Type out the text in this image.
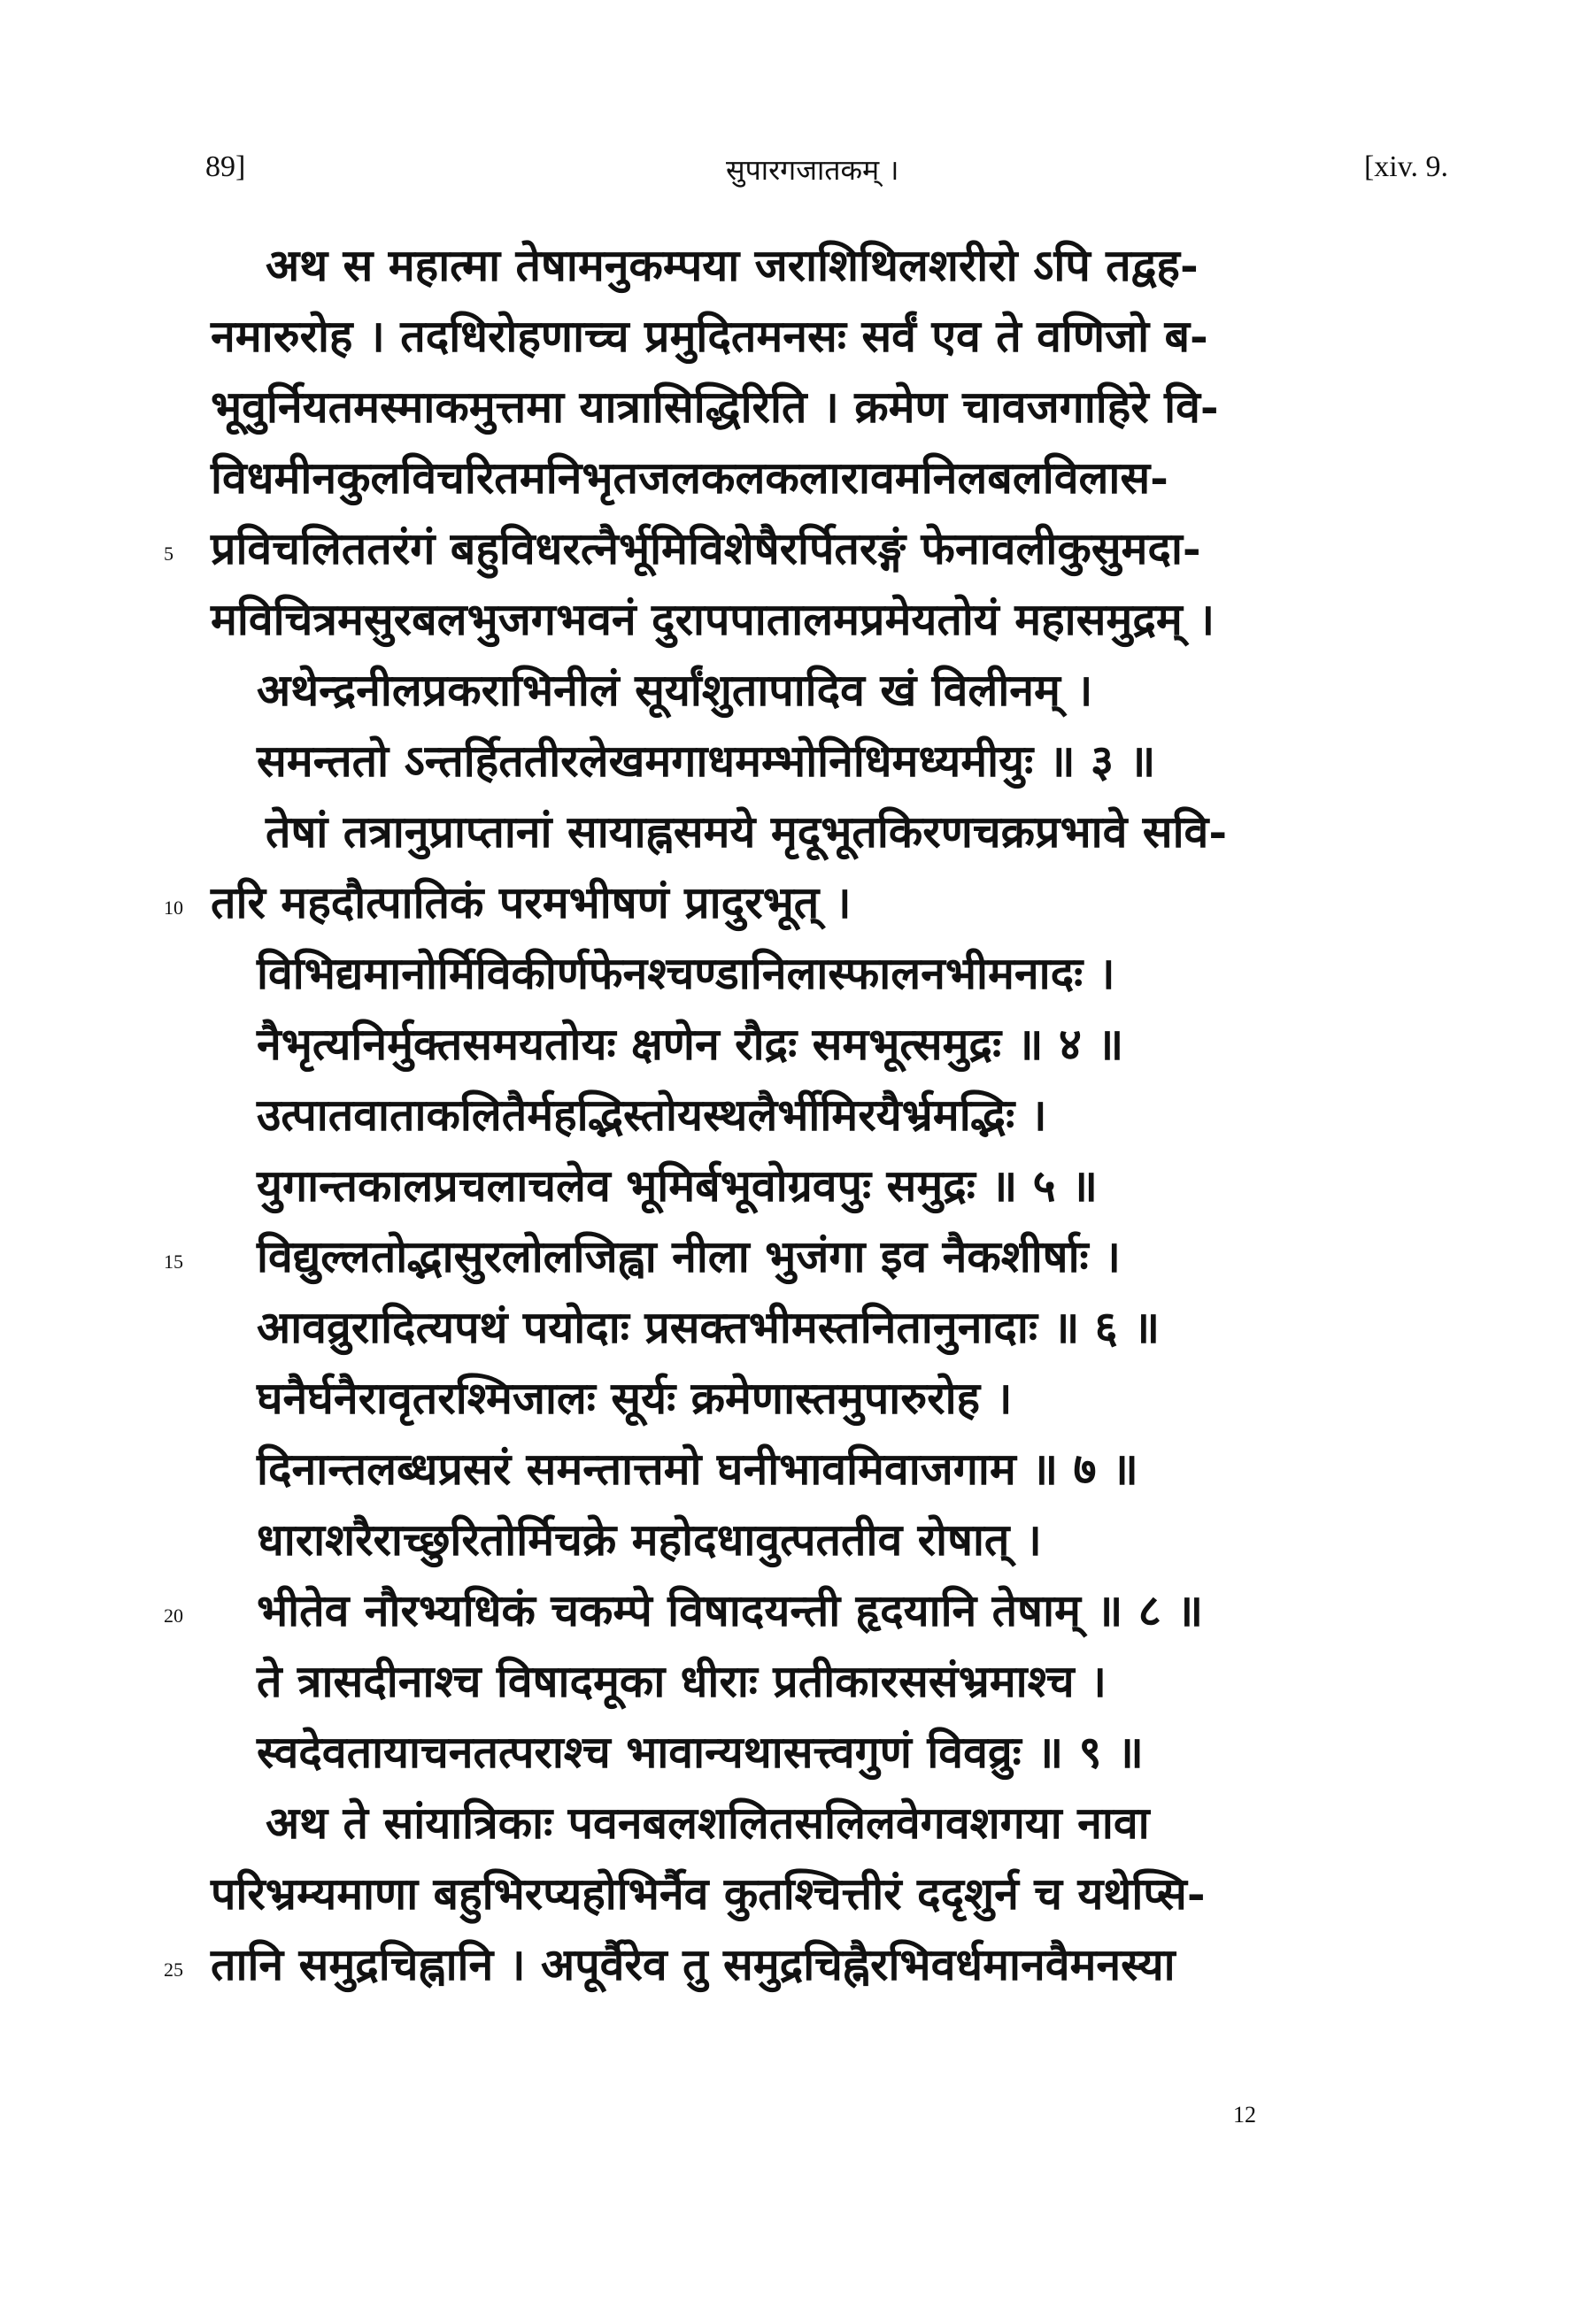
89]	सुपारगजातकम् ।	[xiv. 9.
अथ स महात्मा तेषामनुकम्पया जराशिथिलशरीरो ऽपि तद्वह-
नमारुरोह । तदधिरोहणाच्च प्रमुदितमनसः सर्वं एव ते वणिजो ब-
भूवुर्नियतमस्माकमुत्तमा यात्रासिद्धिरिति । क्रमेण चावजगाहिरे वि-
विधमीनकुलविचरितमनिभृतजलकलकलारावमनिलबलविलास-
5 प्रविचलिततरंगं बहुविधरत्नैर्भूमिविशेषैरर्पितरङ्गं फेनावलीकुसुमदा-
मविचित्रमसुरबलभुजगभवनं दुरापपातालमप्रमेयतोयं महासमुद्रम् ।
अथेन्द्रनीलप्रकराभिनीलं सूर्यांशुतापादिव खं विलीनम् ।
समन्ततो ऽन्तर्हिततीरलेखमगाधमम्भोनिधिमध्यमीयुः ॥ ३ ॥
तेषां तत्रानुप्राप्तानां सायाह्नसमये मृदूभूतकिरणचक्रप्रभावे सवि-
10 तरि महदौत्पातिकं परमभीषणं प्रादुरभूत् ।
विभिद्यमानोर्मिविकीर्णफेनश्चण्डानिलास्फालनभीमनादः ।
नैभृत्यनिर्मुक्तसमयतोयः क्षणेन रौद्रः समभूत्समुद्रः ॥ ४ ॥
उत्पातवाताकलितैर्महद्भिस्तोयस्थलैर्भीमिरयैर्भ्रमद्भिः ।
युगान्तकालप्रचलाचलेव भूमिर्बभूवोग्रवपुः समुद्रः ॥ ५ ॥
15 विद्युल्लतोद्भासुरलोलजिह्वा नीला भुजंगा इव नैकशीर्षाः ।
आवव्रुरादित्यपथं पयोदाः प्रसक्तभीमस्तनितानुनादाः ॥ ६ ॥
घनैर्घनैरावृतरश्मिजालः सूर्यः क्रमेणास्तमुपारुरोह ।
दिनान्तलब्धप्रसरं समन्तात्तमो घनीभावमिवाजगाम ॥ ७ ॥
धाराशरैराच्छुरितोर्मिचक्रे महोदधावुत्पततीव रोषात् ।
20 भीतेव नौरभ्यधिकं चकम्पे विषादयन्ती हृदयानि तेषाम् ॥ ८ ॥
ते त्रासदीनाश्च विषादमूका धीराः प्रतीकारससंभ्रमाश्च ।
स्वदेवतायाचनतत्पराश्च भावान्यथासत्त्वगुणं विवव्रुः ॥ ९ ॥
अथ ते सांयात्रिकाः पवनबलशलितसलिलवेगवशगया नावा
परिभ्रम्यमाणा बहुभिरप्यहोभिर्नैव कुतश्चित्तीरं ददृशुर्न च यथेप्सि-
25 तानि समुद्रचिह्नानि । अपूर्वैरेव तु समुद्रचिह्नैरभिवर्धमानवैमनस्या
12
